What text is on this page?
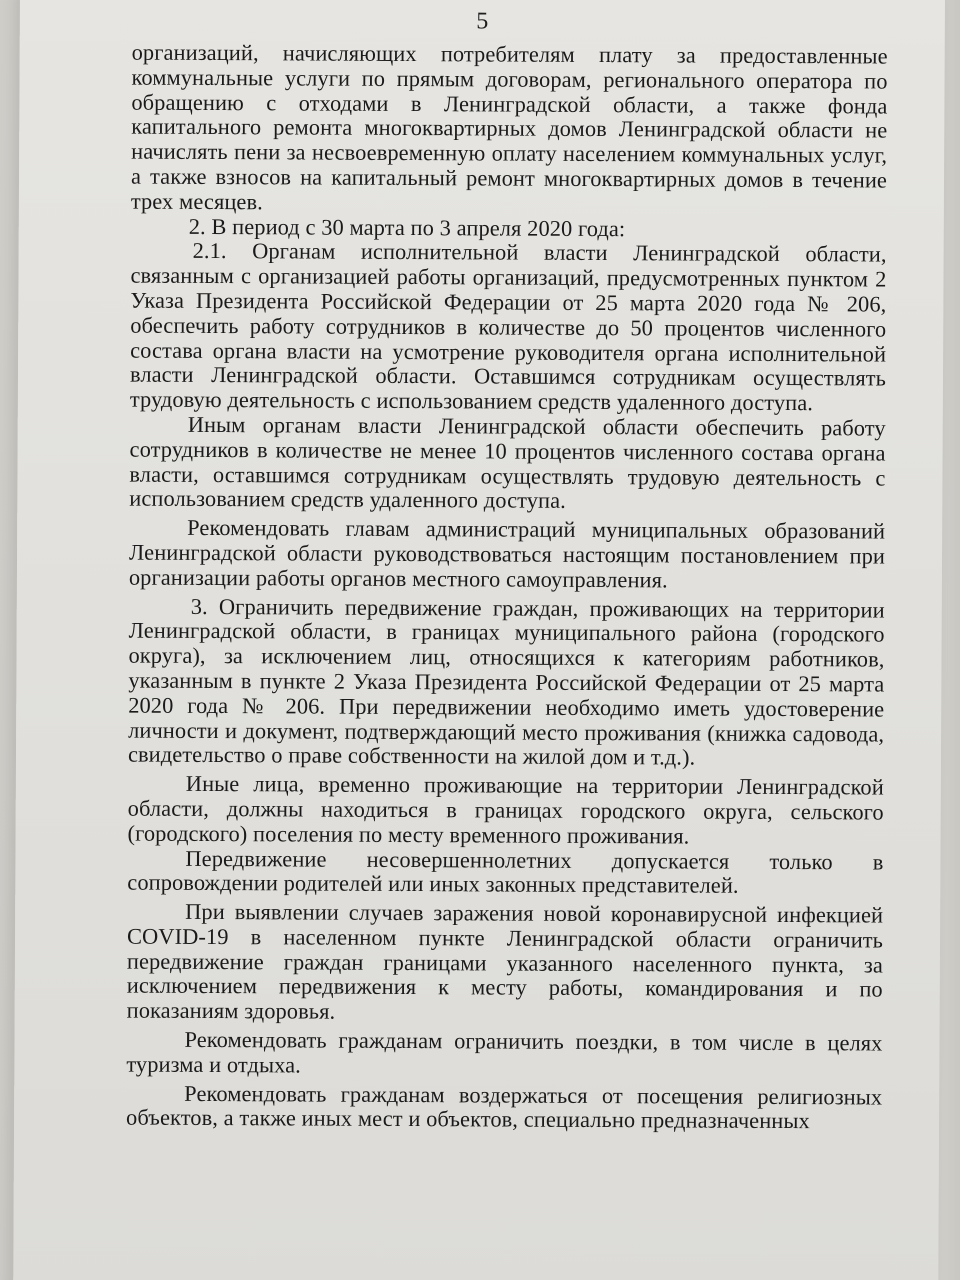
5

организаций, начисляющих потребителям плату за предоставленные коммунальные услуги по прямым договорам, регионального оператора по обращению с отходами в Ленинградской области, а также фонда капитального ремонта многоквартирных домов Ленинградской области не начислять пени за несвоевременную оплату населением коммунальных услуг, а также взносов на капитальный ремонт многоквартирных домов в течение трех месяцев.

2. В период с 30 марта по 3 апреля 2020 года:

2.1. Органам исполнительной власти Ленинградской области, связанным с организацией работы организаций, предусмотренных пунктом 2 Указа Президента Российской Федерации от 25 марта 2020 года № 206, обеспечить работу сотрудников в количестве до 50 процентов численного состава органа власти на усмотрение руководителя органа исполнительной власти Ленинградской области. Оставшимся сотрудникам осуществлять трудовую деятельность с использованием средств удаленного доступа.

Иным органам власти Ленинградской области обеспечить работу сотрудников в количестве не менее 10 процентов численного состава органа власти, оставшимся сотрудникам осуществлять трудовую деятельность с использованием средств удаленного доступа.

Рекомендовать главам администраций муниципальных образований Ленинградской области руководствоваться настоящим постановлением при организации работы органов местного самоуправления.

3. Ограничить передвижение граждан, проживающих на территории Ленинградской области, в границах муниципального района (городского округа), за исключением лиц, относящихся к категориям работников, указанным в пункте 2 Указа Президента Российской Федерации от 25 марта 2020 года № 206. При передвижении необходимо иметь удостоверение личности и документ, подтверждающий место проживания (книжка садовода, свидетельство о праве собственности на жилой дом и т.д.).

Иные лица, временно проживающие на территории Ленинградской области, должны находиться в границах городского округа, сельского (городского) поселения по месту временного проживания.

Передвижение несовершеннолетних допускается только в сопровождении родителей или иных законных представителей.

При выявлении случаев заражения новой коронавирусной инфекцией COVID-19 в населенном пункте Ленинградской области ограничить передвижение граждан границами указанного населенного пункта, за исключением передвижения к месту работы, командирования и по показаниям здоровья.

Рекомендовать гражданам ограничить поездки, в том числе в целях туризма и отдыха.

Рекомендовать гражданам воздержаться от посещения религиозных объектов, а также иных мест и объектов, специально предназначенных
